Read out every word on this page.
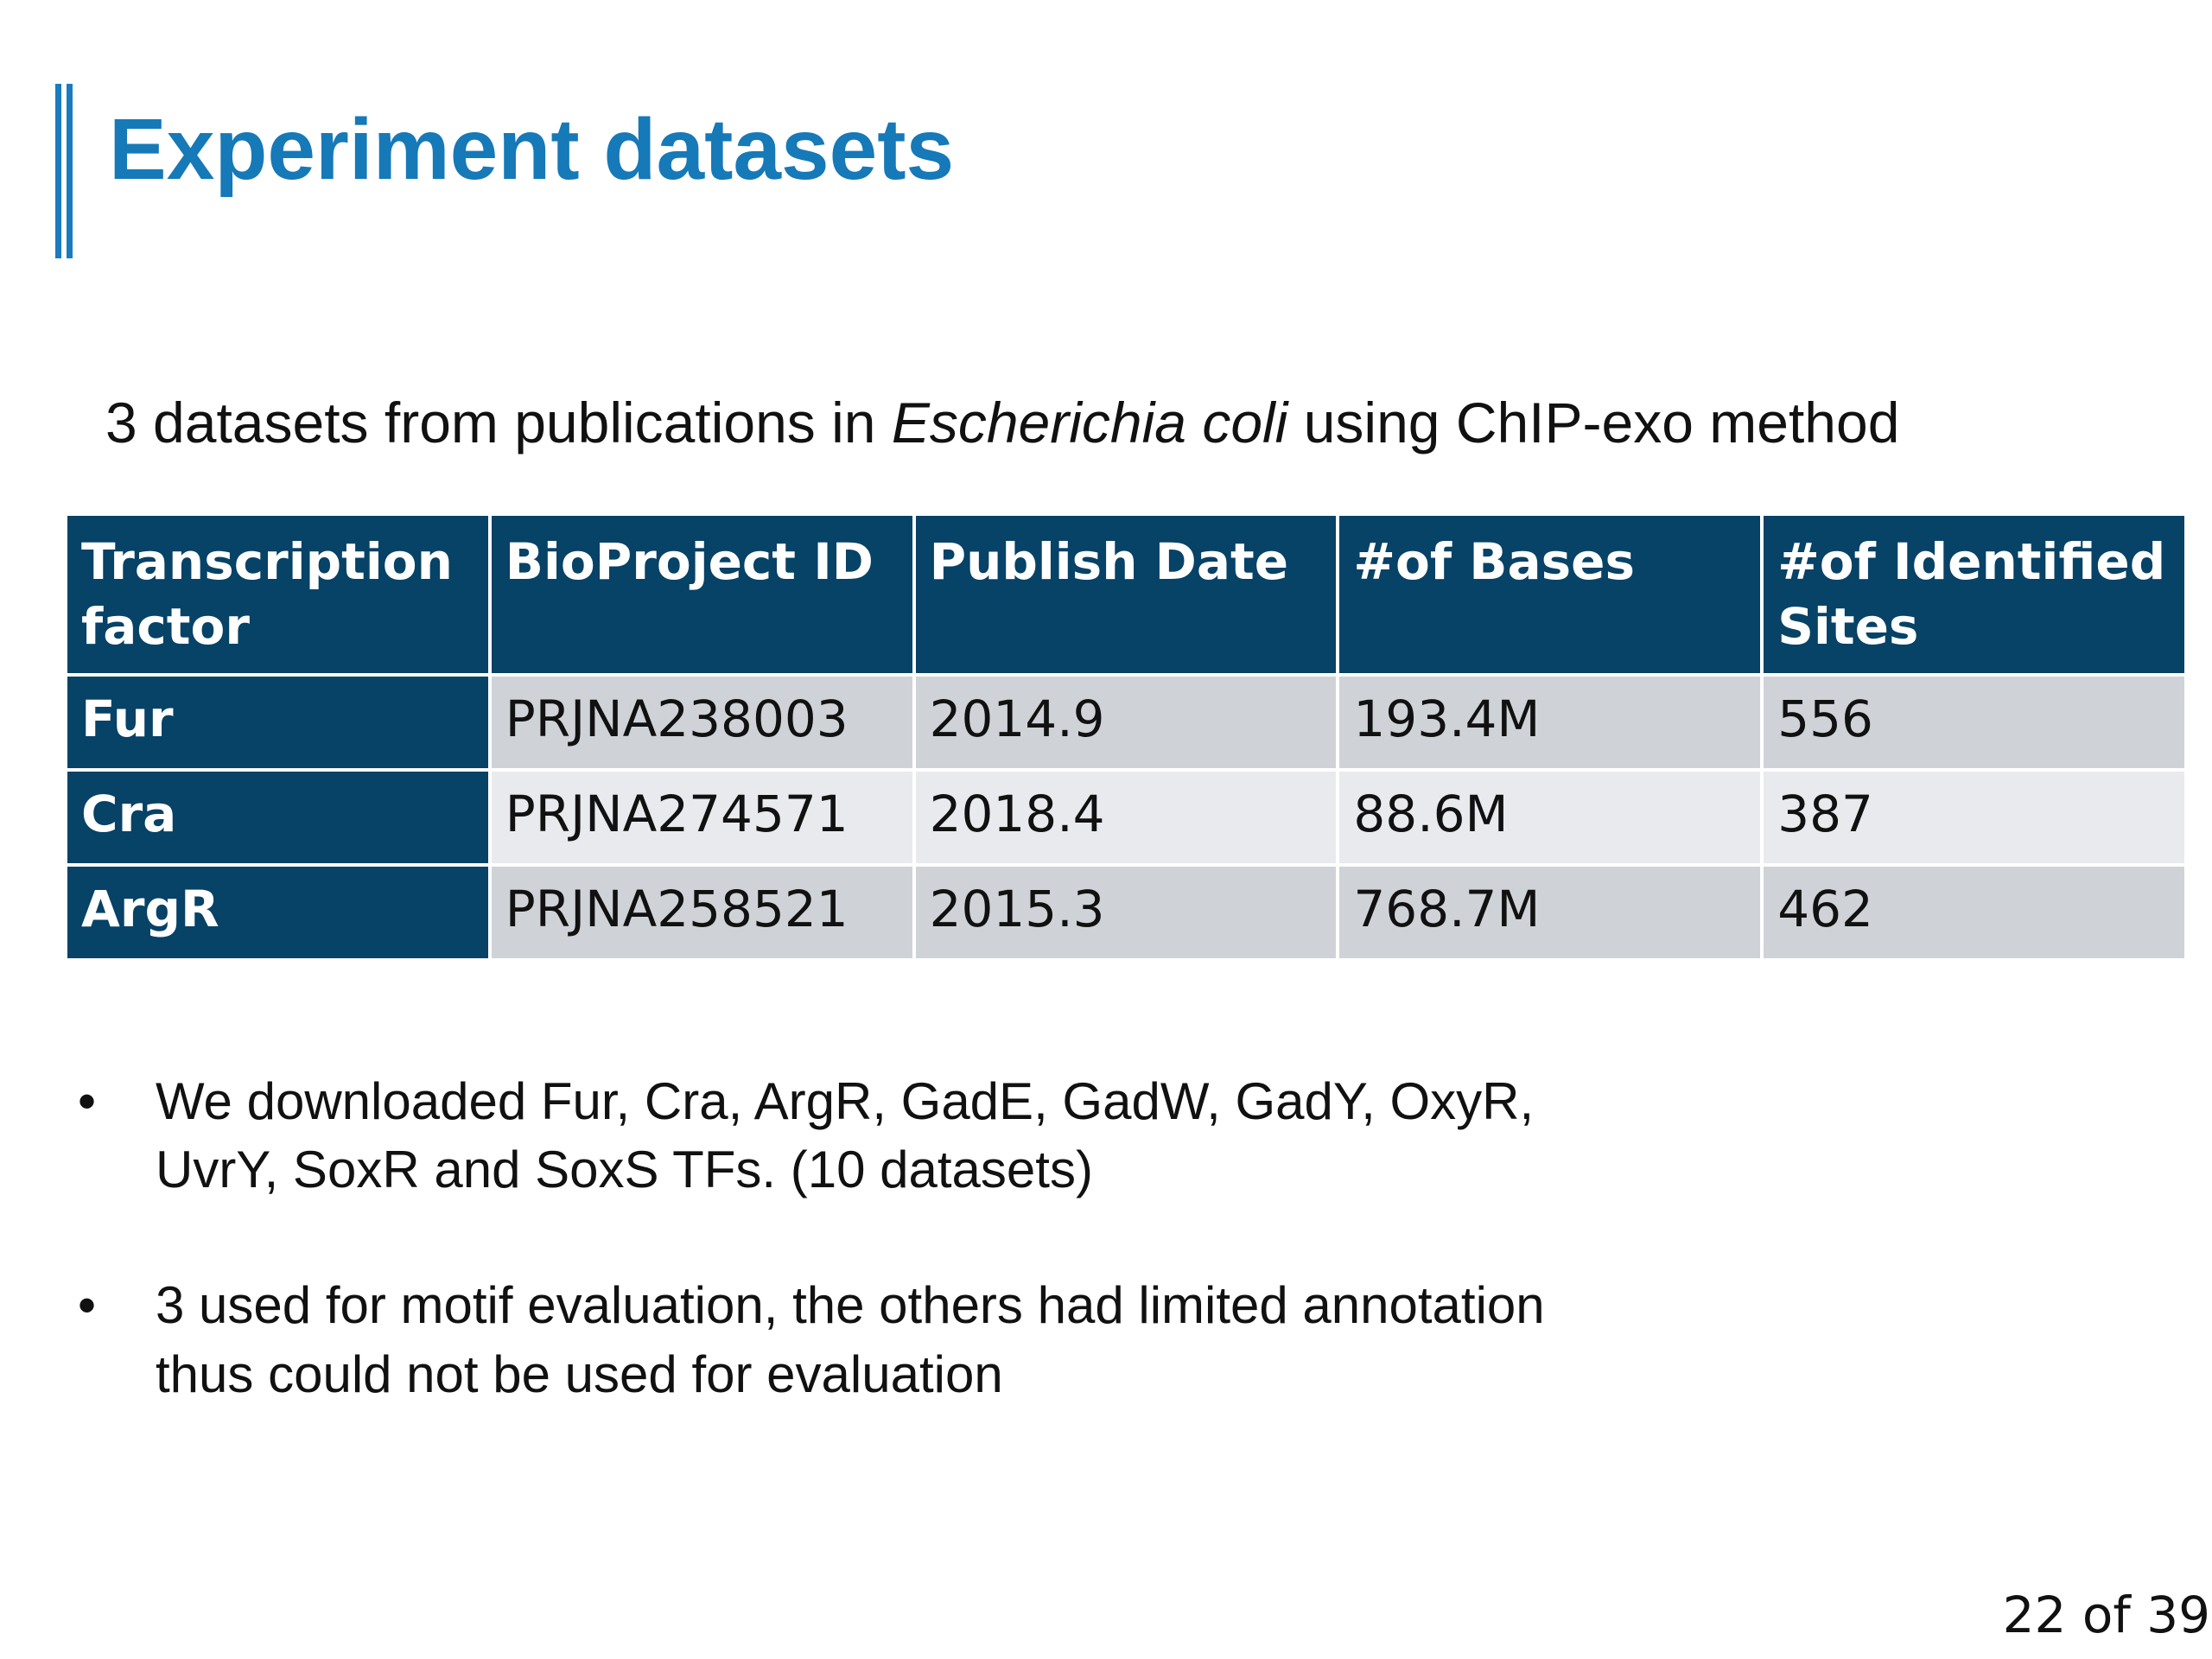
Experiment datasets
3 datasets from publications in Escherichia coli using ChIP-exo method
Transcription factor	BioProject ID	Publish Date	#of Bases	#of Identified Sites
Fur	PRJNA238003	2014.9	193.4M	556
Cra	PRJNA274571	2018.4	88.6M	387
ArgR	PRJNA258521	2015.3	768.7M	462
• We downloaded Fur, Cra, ArgR, GadE, GadW, GadY, OxyR, UvrY, SoxR and SoxS TFs. (10 datasets)
• 3 used for motif evaluation, the others had limited annotation thus could not be used for evaluation
22 of 39
